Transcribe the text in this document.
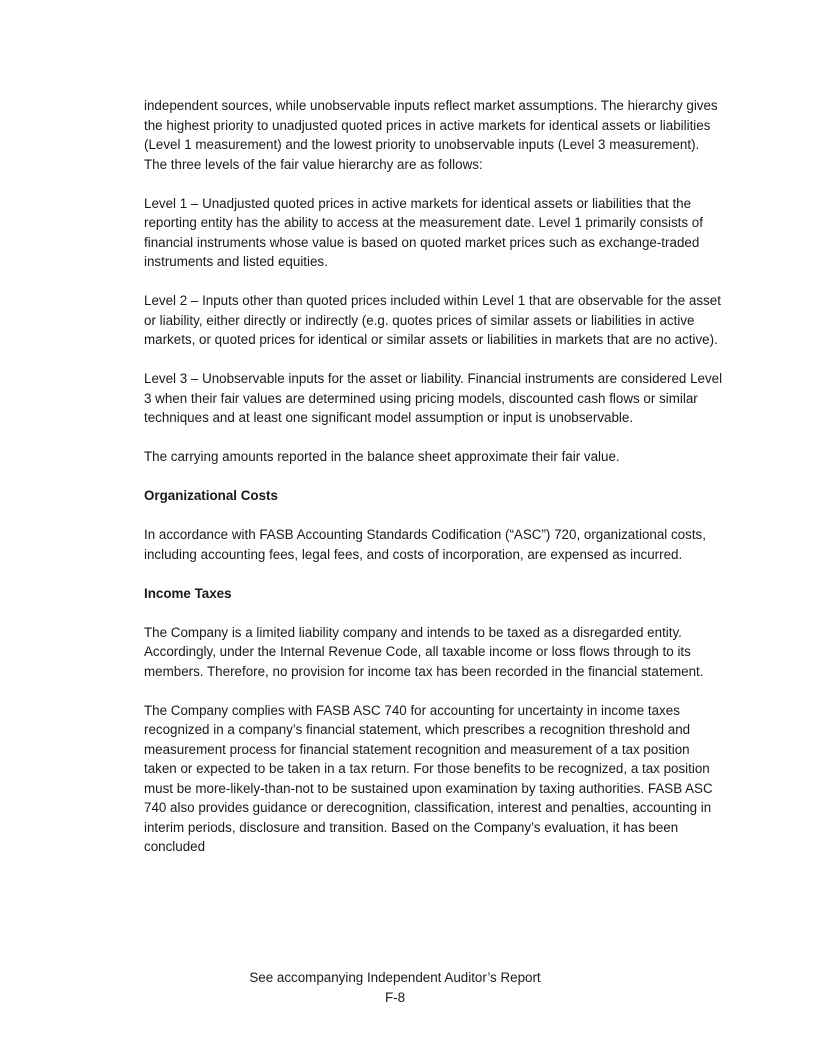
independent sources, while unobservable inputs reflect market assumptions. The hierarchy gives the highest priority to unadjusted quoted prices in active markets for identical assets or liabilities (Level 1 measurement) and the lowest priority to unobservable inputs (Level 3 measurement). The three levels of the fair value hierarchy are as follows:

Level 1 – Unadjusted quoted prices in active markets for identical assets or liabilities that the reporting entity has the ability to access at the measurement date. Level 1 primarily consists of financial instruments whose value is based on quoted market prices such as exchange-traded instruments and listed equities.

Level 2 – Inputs other than quoted prices included within Level 1 that are observable for the asset or liability, either directly or indirectly (e.g. quotes prices of similar assets or liabilities in active markets, or quoted prices for identical or similar assets or liabilities in markets that are no active).

Level 3 – Unobservable inputs for the asset or liability. Financial instruments are considered Level 3 when their fair values are determined using pricing models, discounted cash flows or similar techniques and at least one significant model assumption or input is unobservable.

The carrying amounts reported in the balance sheet approximate their fair value.

Organizational Costs

In accordance with FASB Accounting Standards Codification (“ASC”) 720, organizational costs, including accounting fees, legal fees, and costs of incorporation, are expensed as incurred.

Income Taxes

The Company is a limited liability company and intends to be taxed as a disregarded entity. Accordingly, under the Internal Revenue Code, all taxable income or loss flows through to its members. Therefore, no provision for income tax has been recorded in the financial statement.

The Company complies with FASB ASC 740 for accounting for uncertainty in income taxes recognized in a company’s financial statement, which prescribes a recognition threshold and measurement process for financial statement recognition and measurement of a tax position taken or expected to be taken in a tax return. For those benefits to be recognized, a tax position must be more-likely-than-not to be sustained upon examination by taxing authorities. FASB ASC 740 also provides guidance or derecognition, classification, interest and penalties, accounting in interim periods, disclosure and transition. Based on the Company’s evaluation, it has been concluded

See accompanying Independent Auditor’s Report
F-8
